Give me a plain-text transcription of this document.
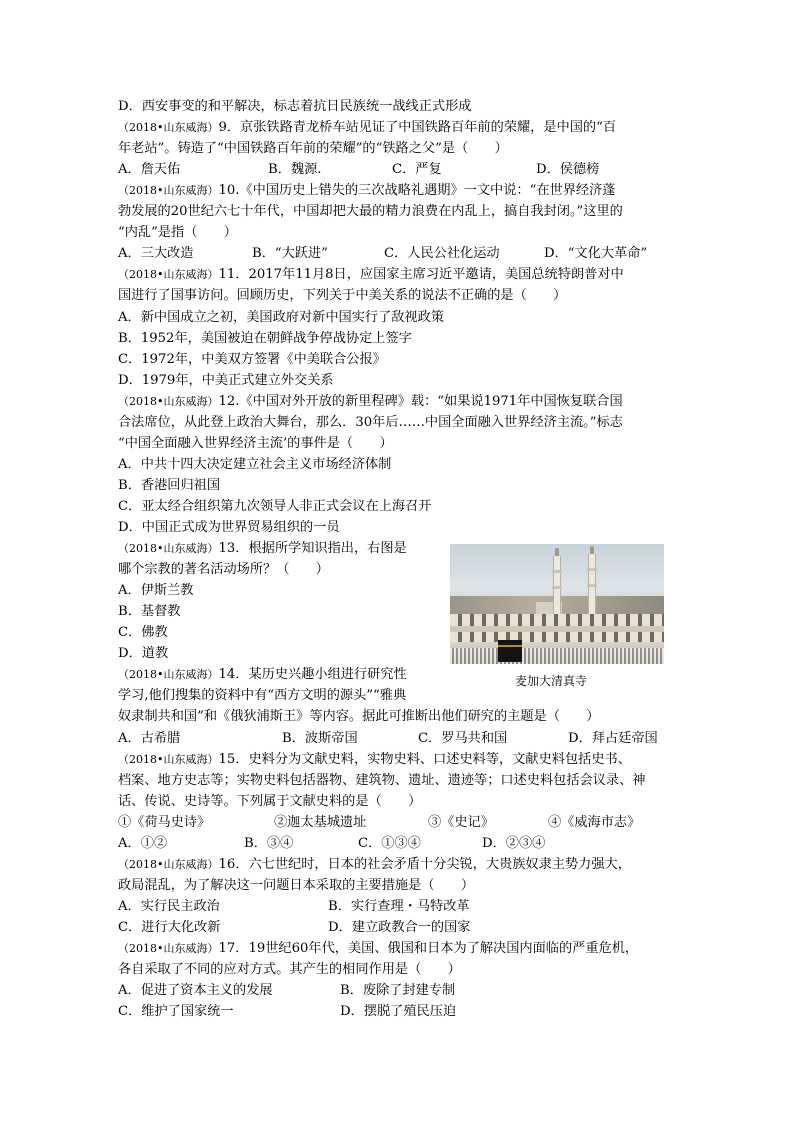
D．西安事变的和平解决，标志着抗日民族统一战线正式形成
（2018•山东威海）9．京张铁路青龙桥车站见证了中国铁路百年前的荣耀，是中国的“百
年老站”。铸造了“中国铁路百年前的荣耀”的“铁路之父”是（　　）
A．詹天佑	B．魏源.	C．严复	D．侯德榜
（2018•山东威海）10.《中国历史上错失的三次战略礼遇期》一文中说：“在世界经济蓬
勃发展的20世纪六七十年代，中国却把大最的精力浪费在内乱上，搞自我封闭。”这里的
“内乱”是指（　　）
A．三大改造	B．“大跃进”	C．人民公社化运动	D．“文化大革命”
（2018•山东威海）11．2017年11月8日，应国家主席习近平邀请，美国总统特朗普对中
国进行了国事访问。回顾历史，下列关于中美关系的说法不正确的是（　　）
A．新中国成立之初，美国政府对新中国实行了敌视政策
B．1952年，美国被迫在朝鲜战争停战协定上签字
C．1972年，中美双方签署《中美联合公报》
D．1979年，中美正式建立外交关系
（2018•山东威海）12.《中国对外开放的新里程碑》载：“如果说1971年中国恢复联合国
合法席位，从此登上政治大舞台，那么．30年后……中国全面融入世界经济主流。”标志
“中国全面融入世界经济主流’的事件是（　　）
A．中共十四大决定建立社会主义市场经济体制
B．香港回归祖国
C．亚太经合组织第九次领导人非正式会议在上海召开
D．中国正式成为世界贸易组织的一员
（2018•山东威海）13．根据所学知识指出，右图是
哪个宗教的著名活动场所？（　　）
A．伊斯兰教
B．基督教
C．佛教
D．道教
（2018•山东威海）14．某历史兴趣小组进行研究性
学习,他们搜集的资料中有“西方文明的源头”“雅典
奴隶制共和国”和《俄狄浦斯王》等内容。据此可推断出他们研究的主题是（　　）
A．古希腊	B．波斯帝国	C．罗马共和国	D．拜占廷帝国
（2018•山东威海）15．史料分为文献史料，实物史料、口述史料等，文献史料包括史书、
档案、地方史志等；实物史料包括器物、建筑物、遗址、遗迹等；口述史料包括会议录、神
话、传说、史诗等。下列属于文献史料的是（　　）
①《荷马史诗》	②迦太基城遗址	③《史记》	④《威海市志》
A．①②	B．③④	C．①③④	D．②③④
（2018•山东威海）16．六七世纪时，日本的社会矛盾十分尖锐，大贵族奴隶主势力强大，
政局混乱，为了解决这一问题日本采取的主要措施是（　　）
A．实行民主政治	B．实行查理・马特改革
C．进行大化改新	D．建立政教合一的国家
（2018•山东威海）17．19世纪60年代，美国、俄国和日本为了解决国内面临的严重危机，
各自采取了不同的应对方式。其产生的相同作用是（　　）
A．促进了资本主义的发展	B．废除了封建专制
C．维护了国家统一	D．摆脱了殖民压迫
麦加大清真寺
